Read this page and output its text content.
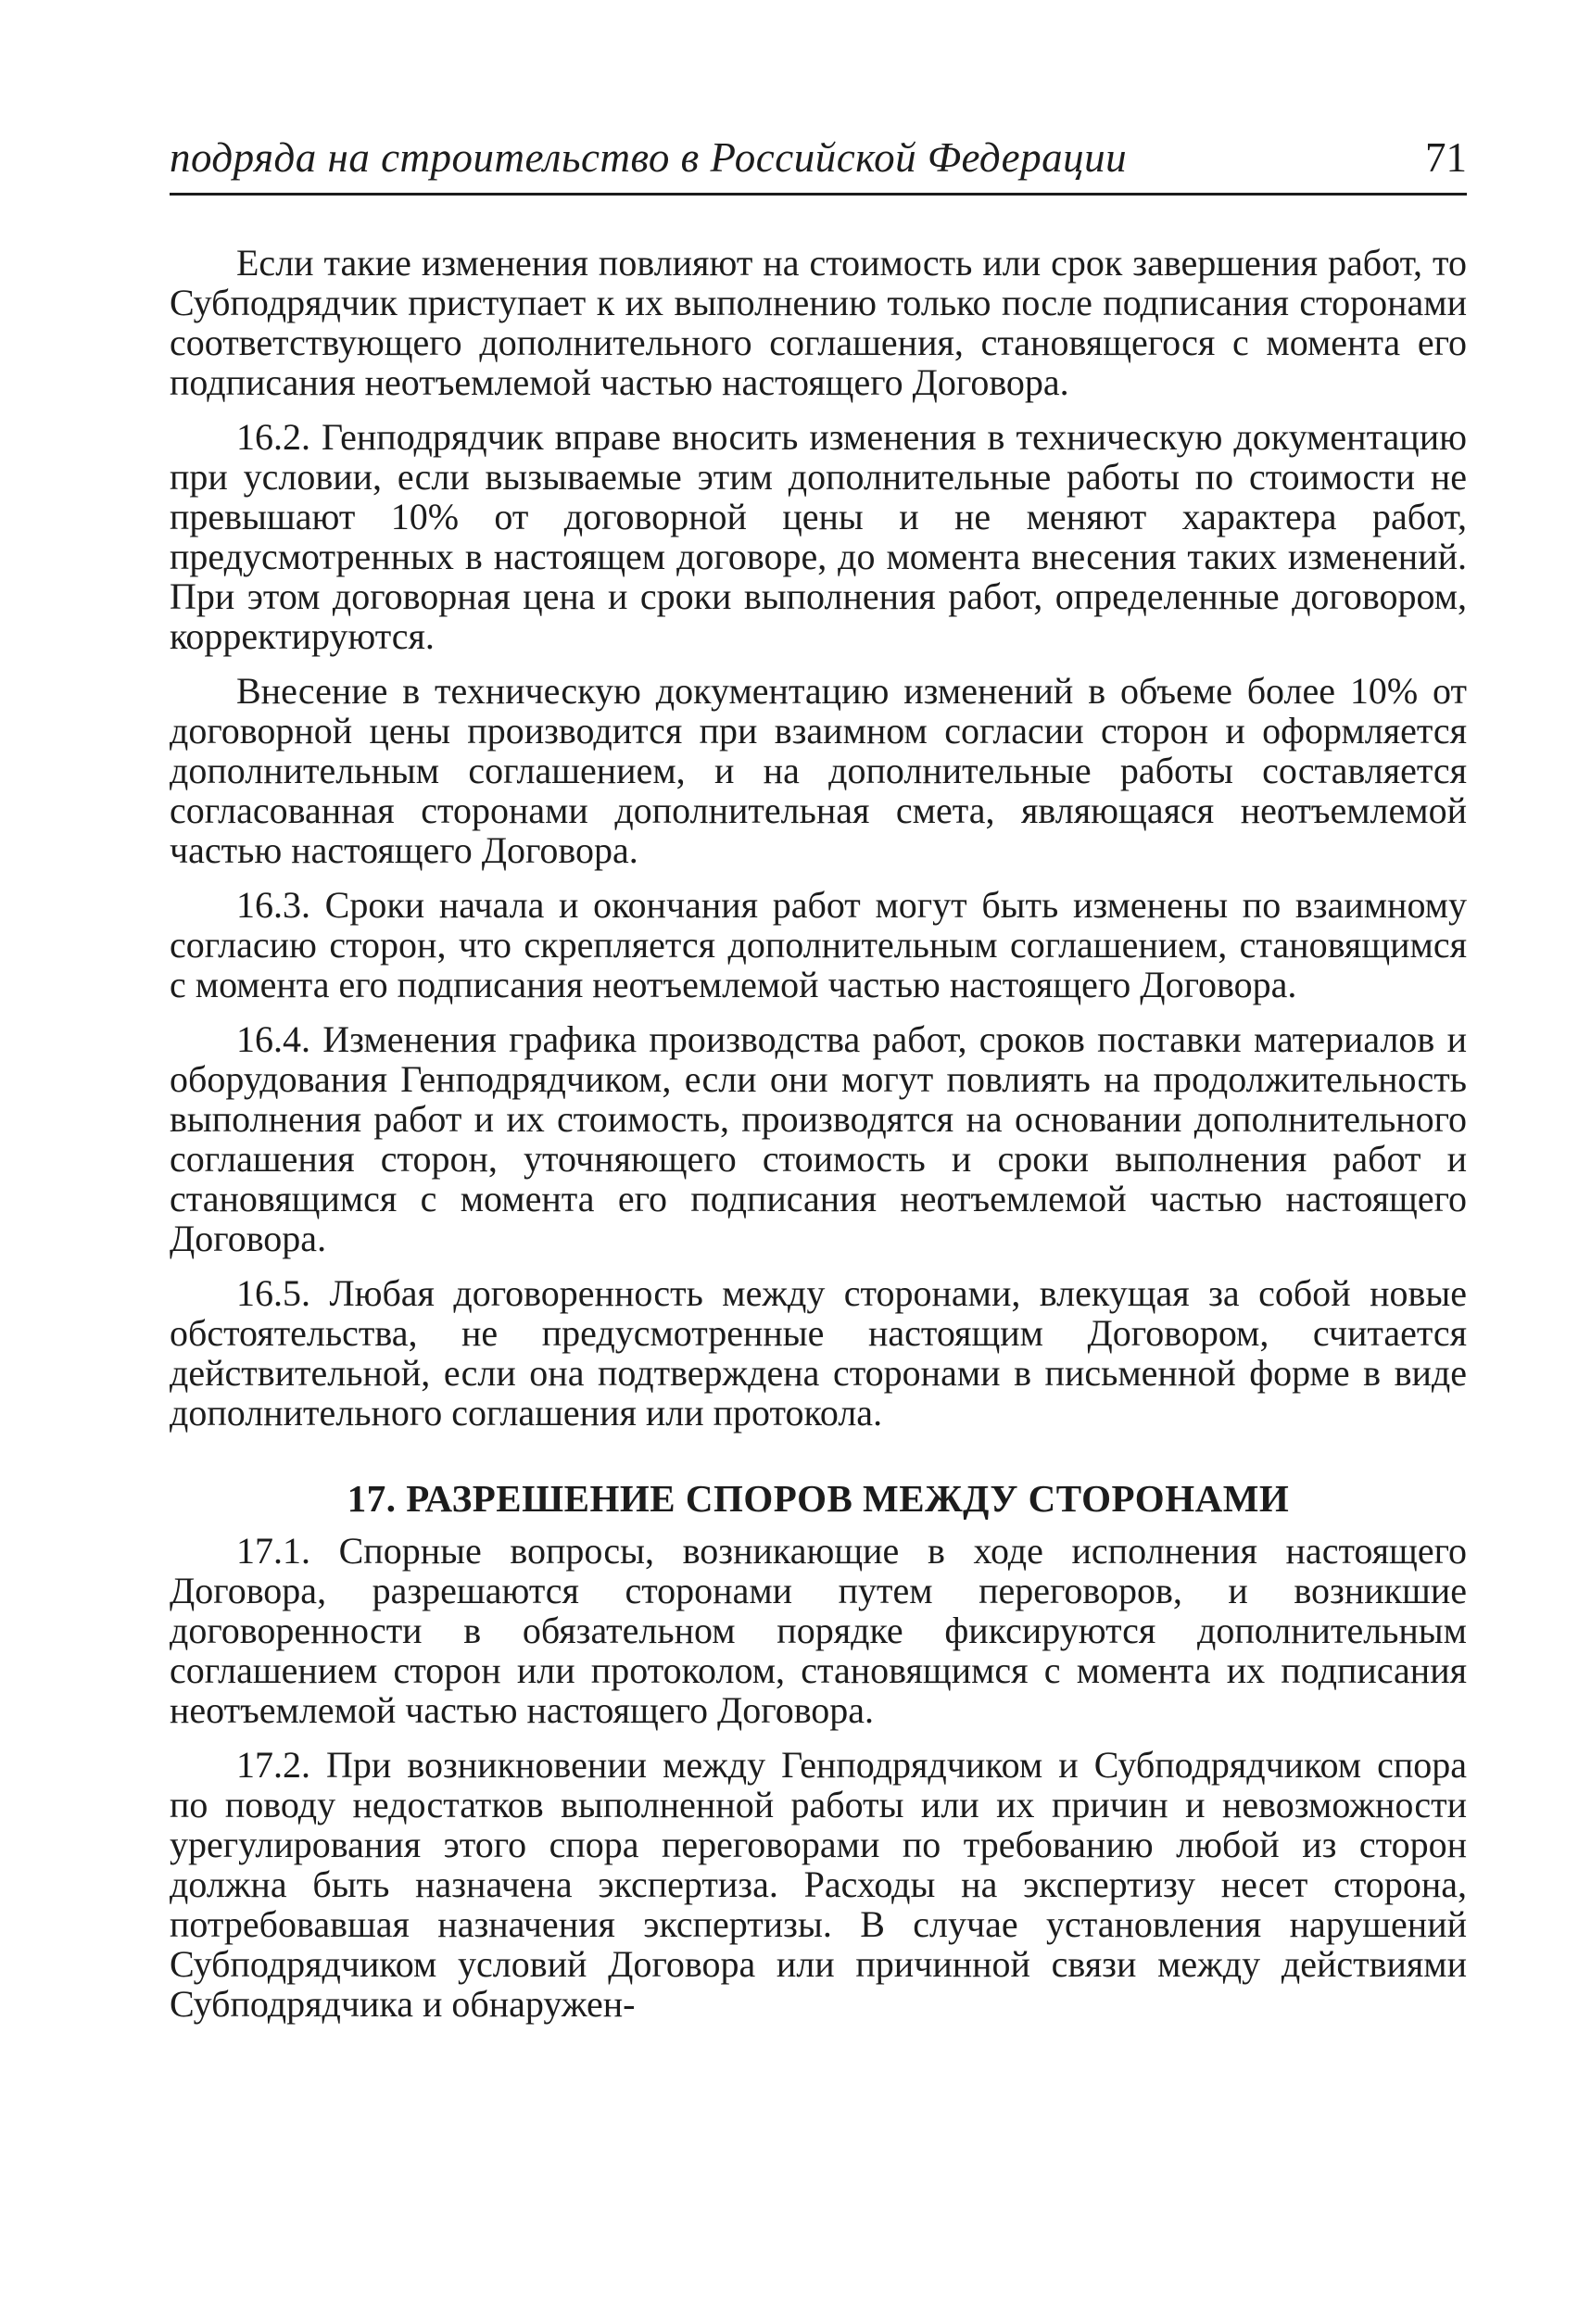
подряда на строительство в Российской Федерации	71

Если такие изменения повлияют на стоимость или срок завершения работ, то Субподрядчик приступает к их выполнению только после подписания сторонами соответствующего дополнительного соглашения, становящегося с момента его подписания неотъемлемой частью настоящего Договора.

16.2. Генподрядчик вправе вносить изменения в техническую документацию при условии, если вызываемые этим дополнительные работы по стоимости не превышают 10% от договорной цены и не меняют характера работ, предусмотренных в настоящем договоре, до момента внесения таких изменений. При этом договорная цена и сроки выполнения работ, определенные договором, корректируются.

Внесение в техническую документацию изменений в объеме более 10% от договорной цены производится при взаимном согласии сторон и оформляется дополнительным соглашением, и на дополнительные работы составляется согласованная сторонами дополнительная смета, являющаяся неотъемлемой частью настоящего Договора.

16.3. Сроки начала и окончания работ могут быть изменены по взаимному согласию сторон, что скрепляется дополнительным соглашением, становящимся с момента его подписания неотъемлемой частью настоящего Договора.

16.4. Изменения графика производства работ, сроков поставки материалов и оборудования Генподрядчиком, если они могут повлиять на продолжительность выполнения работ и их стоимость, производятся на основании дополнительного соглашения сторон, уточняющего стоимость и сроки выполнения работ и становящимся с момента его подписания неотъемлемой частью настоящего Договора.

16.5. Любая договоренность между сторонами, влекущая за собой новые обстоятельства, не предусмотренные настоящим Договором, считается действительной, если она подтверждена сторонами в письменной форме в виде дополнительного соглашения или протокола.

17. РАЗРЕШЕНИЕ СПОРОВ МЕЖДУ СТОРОНАМИ

17.1. Спорные вопросы, возникающие в ходе исполнения настоящего Договора, разрешаются сторонами путем переговоров, и возникшие договоренности в обязательном порядке фиксируются дополнительным соглашением сторон или протоколом, становящимся с момента их подписания неотъемлемой частью настоящего Договора.

17.2. При возникновении между Генподрядчиком и Субподрядчиком спора по поводу недостатков выполненной работы или их причин и невозможности урегулирования этого спора переговорами по требованию любой из сторон должна быть назначена экспертиза. Расходы на экспертизу несет сторона, потребовавшая назначения экспертизы. В случае установления нарушений Субподрядчиком условий Договора или причинной связи между действиями Субподрядчика и обнаружен-
